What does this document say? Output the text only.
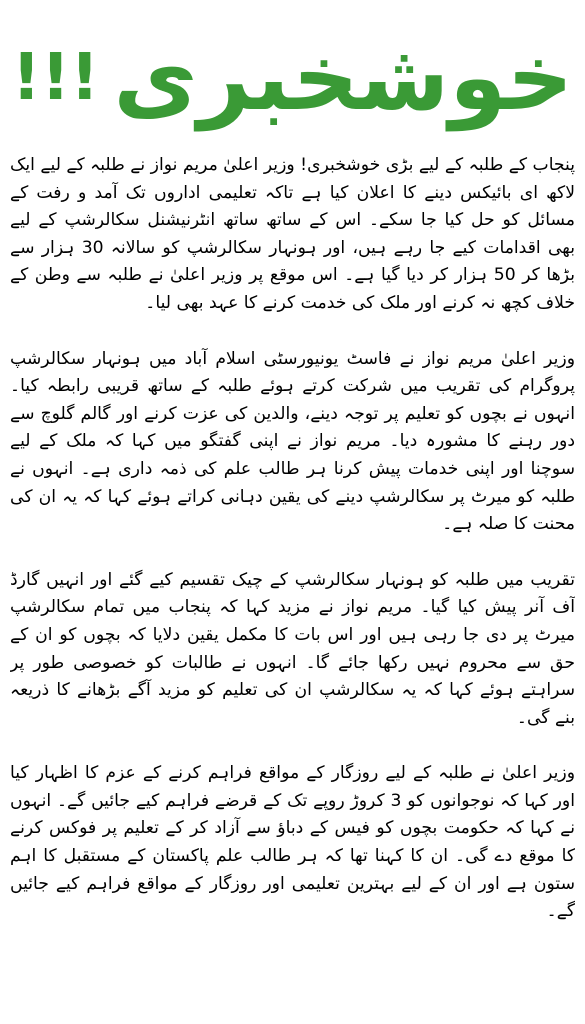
خوشخبری
!!!

پنجاب کے طلبہ کے لیے بڑی خوشخبری! وزیر اعلیٰ مریم نواز نے طلبہ کے لیے ایک لاکھ ای بائیکس دینے کا اعلان کیا ہے تاکہ تعلیمی اداروں تک آمد و رفت کے مسائل کو حل کیا جا سکے۔ اس کے ساتھ ساتھ انٹرنیشنل سکالرشپ کے لیے بھی اقدامات کیے جا رہے ہیں، اور ہونہار سکالرشپ کو سالانہ 30 ہزار سے بڑھا کر 50 ہزار کر دیا گیا ہے۔ اس موقع پر وزیر اعلیٰ نے طلبہ سے وطن کے خلاف کچھ نہ کرنے اور ملک کی خدمت کرنے کا عہد بھی لیا۔

وزیر اعلیٰ مریم نواز نے فاسٹ یونیورسٹی اسلام آباد میں ہونہار سکالرشپ پروگرام کی تقریب میں شرکت کرتے ہوئے طلبہ کے ساتھ قریبی رابطہ کیا۔ انہوں نے بچوں کو تعلیم پر توجہ دینے، والدین کی عزت کرنے اور گالم گلوچ سے دور رہنے کا مشورہ دیا۔ مریم نواز نے اپنی گفتگو میں کہا کہ ملک کے لیے سوچنا اور اپنی خدمات پیش کرنا ہر طالب علم کی ذمہ داری ہے۔ انہوں نے طلبہ کو میرٹ پر سکالرشپ دینے کی یقین دہانی کراتے ہوئے کہا کہ یہ ان کی محنت کا صلہ ہے۔

تقریب میں طلبہ کو ہونہار سکالرشپ کے چیک تقسیم کیے گئے اور انہیں گارڈ آف آنر پیش کیا گیا۔ مریم نواز نے مزید کہا کہ پنجاب میں تمام سکالرشپ میرٹ پر دی جا رہی ہیں اور اس بات کا مکمل یقین دلایا کہ بچوں کو ان کے حق سے محروم نہیں رکھا جائے گا۔ انہوں نے طالبات کو خصوصی طور پر سراہتے ہوئے کہا کہ یہ سکالرشپ ان کی تعلیم کو مزید آگے بڑھانے کا ذریعہ بنے گی۔

وزیر اعلیٰ نے طلبہ کے لیے روزگار کے مواقع فراہم کرنے کے عزم کا اظہار کیا اور کہا کہ نوجوانوں کو 3 کروڑ روپے تک کے قرضے فراہم کیے جائیں گے۔ انہوں نے کہا کہ حکومت بچوں کو فیس کے دباؤ سے آزاد کر کے تعلیم پر فوکس کرنے کا موقع دے گی۔ ان کا کہنا تھا کہ ہر طالب علم پاکستان کے مستقبل کا اہم ستون ہے اور ان کے لیے بہترین تعلیمی اور روزگار کے مواقع فراہم کیے جائیں گے۔
